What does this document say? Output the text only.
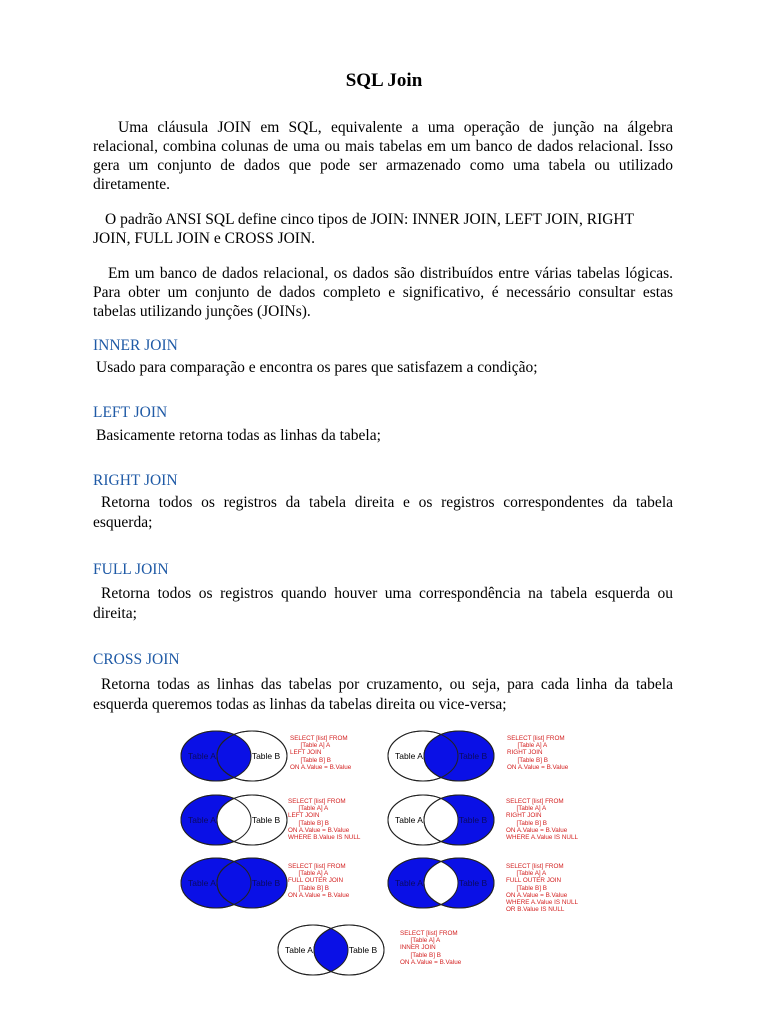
SQL Join

Uma cláusula JOIN em SQL, equivalente a uma operação de junção na álgebra relacional, combina colunas de uma ou mais tabelas em um banco de dados relacional. Isso gera um conjunto de dados que pode ser armazenado como uma tabela ou utilizado diretamente.

O padrão ANSI SQL define cinco tipos de JOIN: INNER JOIN, LEFT JOIN, RIGHT JOIN, FULL JOIN e CROSS JOIN.

Em um banco de dados relacional, os dados são distribuídos entre várias tabelas lógicas. Para obter um conjunto de dados completo e significativo, é necessário consultar estas tabelas utilizando junções (JOINs).

INNER JOIN

Usado para comparação e encontra os pares que satisfazem a condição;

LEFT JOIN

Basicamente retorna todas as linhas da tabela;

RIGHT JOIN

Retorna todos os registros da tabela direita e os registros correspondentes da tabela esquerda;

FULL JOIN

Retorna todos os registros quando houver uma correspondência na tabela esquerda ou direita;

CROSS JOIN

Retorna todas as linhas das tabelas por cruzamento, ou seja, para cada linha da tabela esquerda queremos todas as linhas da tabelas direita ou vice-versa;

Table A	Table B
SELECT [list] FROM
[Table A] A
LEFT JOIN
[Table B] B
ON A.Value = B.Value
Table A	Table B
SELECT [list] FROM
[Table A] A
RIGHT JOIN
[Table B] B
ON A.Value = B.Value
Table A	Table B
SELECT [list] FROM
[Table A] A
LEFT JOIN
[Table B] B
ON A.Value = B.Value
WHERE B.Value IS NULL
Table A	Table B
SELECT [list] FROM
[Table A] A
RIGHT JOIN
[Table B] B
ON A.Value = B.Value
WHERE A.Value IS NULL
Table A	Table B
SELECT [list] FROM
[Table A] A
FULL OUTER JOIN
[Table B] B
ON A.Value = B.Value
Table A	Table B
SELECT [list] FROM
[Table A] A
FULL OUTER JOIN
[Table B] B
ON A.Value = B.Value
WHERE A.Value IS NULL
OR B.Value IS NULL
Table A	Table B
SELECT [list] FROM
[Table A] A
INNER JOIN
[Table B] B
ON A.Value = B.Value
